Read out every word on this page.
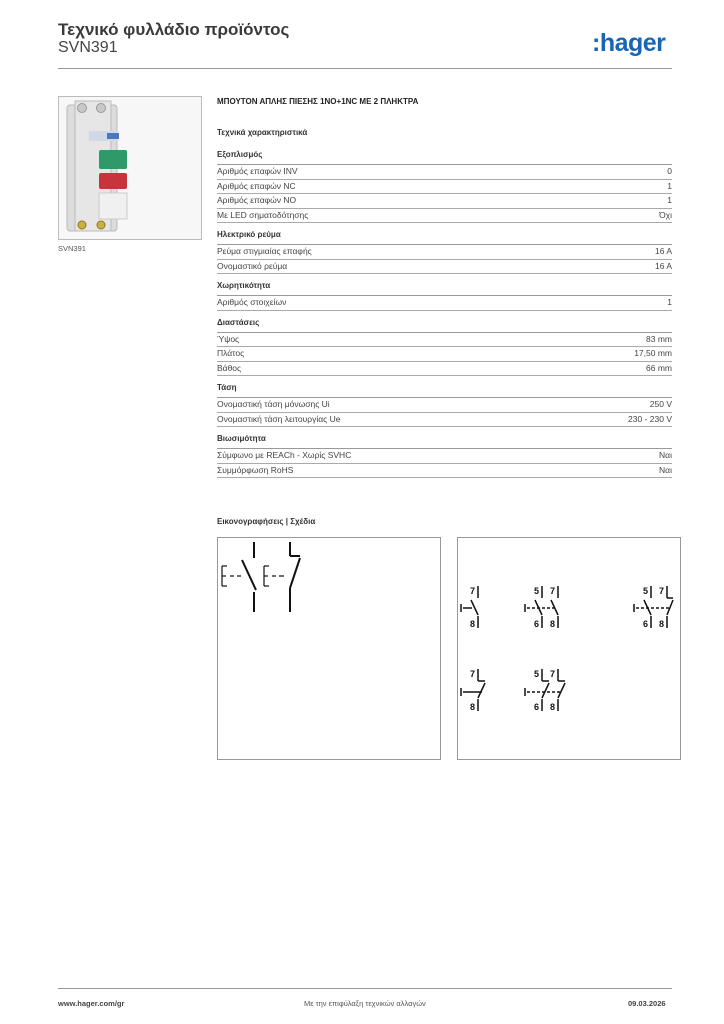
Τεχνικό φυλλάδιο προϊόντος
SVN391	:hager
SVN391
ΜΠΟΥΤΟΝ ΑΠΛΗΣ ΠΙΕΣΗΣ 1NO+1NC ΜΕ 2 ΠΛΗΚΤΡΑ
Τεχνικά χαρακτηριστικά
Εξοπλισμός
Αριθμός επαφών INV	0
Αριθμός επαφών NC	1
Αριθμός επαφών NO	1
Με LED σηματοδότησης	Όχι
Ηλεκτρικό ρεύμα
Ρεύμα στιγμιαίας επαφής	16 A
Ονομαστικό ρεύμα	16 A
Χωρητικότητα
Αριθμός στοιχείων	1
Διαστάσεις
Ύψος	83 mm
Πλάτος	17,50 mm
Βάθος	66 mm
Τάση
Ονομαστική τάση μόνωσης Ui	250 V
Ονομαστική τάση λειτουργίας Ue	230 - 230 V
Βιωσιμότητα
Σύμφωνο με REACh - Χωρίς SVHC	Ναι
Συμμόρφωση RoHS	Ναι
Εικονογραφήσεις | Σχέδια
7
8
5
6
7
8
5
6
7
8
7
8
5
6
7
8
www.hager.com/gr	Με την επιφύλαξη τεχνικών αλλαγών	09.03.2026
